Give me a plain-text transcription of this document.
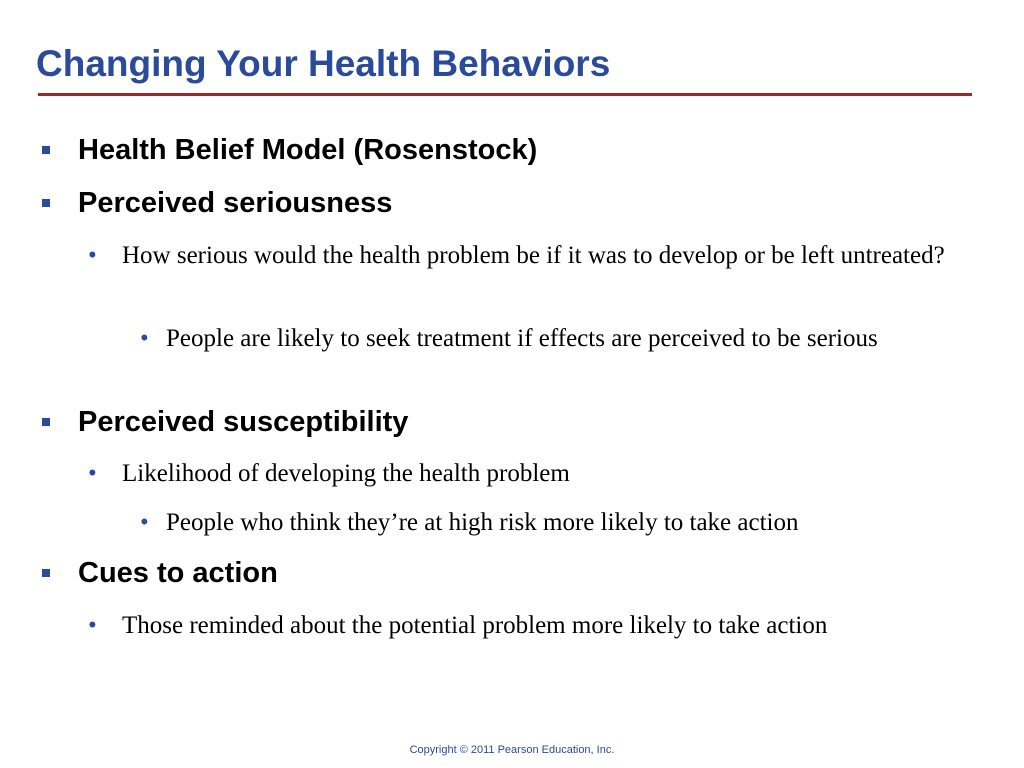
Changing Your Health Behaviors
Health Belief Model (Rosenstock)
Perceived seriousness
• How serious would the health problem be if it was to develop or be left untreated?
• People are likely to seek treatment if effects are perceived to be serious
Perceived susceptibility
• Likelihood of developing the health problem
• People who think they’re at high risk more likely to take action
Cues to action
• Those reminded about the potential problem more likely to take action
Copyright © 2011 Pearson Education, Inc.
